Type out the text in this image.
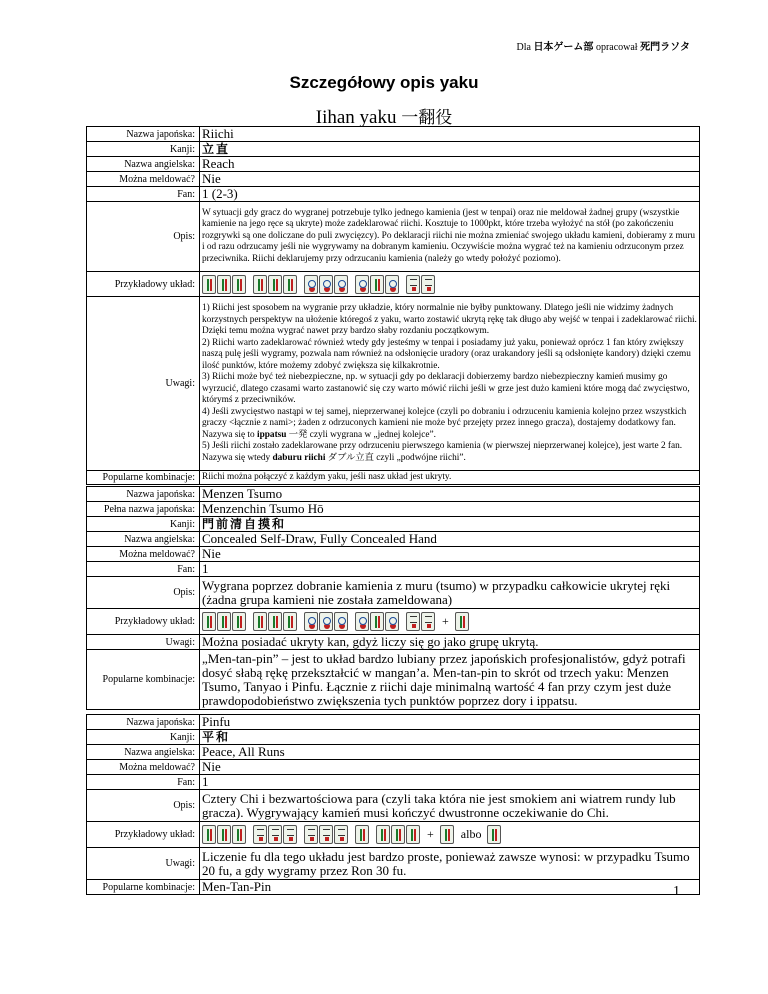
Dla 日本ゲーム部 opracował 死門ラソタ
Szczegółowy opis yaku
Iihan yaku 一翻役
Nazwa japońska:	Riichi
Kanji:	立直
Nazwa angielska:	Reach
Można meldować?	Nie
Fan:	1 (2-3)
Opis:	W sytuacji gdy gracz do wygranej potrzebuje tylko jednego kamienia (jest w tenpai) oraz nie meldował żadnej grupy (wszystkie kamienie na jego ręce są ukryte) może zadeklarować riichi. Kosztuje to 1000pkt, które trzeba wyłożyć na stół (po zakończeniu rozgrywki są one doliczane do puli zwycięzcy). Po deklaracji riichi nie można zmieniać swojego układu kamieni, dobieramy z muru i od razu odrzucamy jeśli nie wygrywamy na dobranym kamieniu. Oczywiście można wygrać też na kamieniu odrzuconym przez przeciwnika. Riichi deklarujemy przy odrzucaniu kamienia (należy go wtedy położyć poziomo).
Przykładowy układ:	

Uwagi:	1) Riichi jest sposobem na wygranie przy układzie, który normalnie nie byłby punktowany. Dlatego jeśli nie widzimy żadnych korzystnych perspektyw na ułożenie któregoś z yaku, warto zostawić ukrytą rękę tak długo aby wejść w tenpai i zadeklarować riichi. Dzięki temu można wygrać nawet przy bardzo słaby rozdaniu początkowym.
2) Riichi warto zadeklarować również wtedy gdy jesteśmy w tenpai i posiadamy już yaku, ponieważ oprócz 1 fan który zwiększy naszą pulę jeśli wygramy, pozwala nam również na odsłonięcie uradory (oraz urakandory jeśli są odsłonięte kandory) dzięki czemu ilość punktów, które możemy zdobyć zwiększa się kilkakrotnie.
3) Riichi może być też niebezpieczne, np. w sytuacji gdy po deklaracji dobierzemy bardzo niebezpieczny kamień musimy go wyrzucić, dlatego czasami warto zastanowić się czy warto mówić riichi jeśli w grze jest dużo kamieni które mogą dać zwycięstwo, którymś z przeciwników.
4) Jeśli zwycięstwo nastąpi w tej samej, nieprzerwanej kolejce (czyli po dobraniu i odrzuceniu kamienia kolejno przez wszystkich graczy <łącznie z nami>; żaden z odrzuconych kamieni nie może być przejęty przez innego gracza), dostajemy dodatkowy fan. Nazywa się to ippatsu 一発 czyli wygrana w „jednej kolejce”.
5) Jeśli riichi zostało zadeklarowane przy odrzuceniu pierwszego kamienia (w pierwszej nieprzerwanej kolejce), jest warte 2 fan. Nazywa się wtedy daburu riichi ダブル立直 czyli „podwójne riichi”.

Popularne kombinacje:	Riichi można połączyć z każdym yaku, jeśli nasz układ jest ukryty.
Nazwa japońska:	Menzen Tsumo
Pełna nazwa japońska:	Menzenchin Tsumo Hō
Kanji:	門前清自摸和
Nazwa angielska:	Concealed Self-Draw, Fully Concealed Hand
Można meldować?	Nie
Fan:	1
Opis:	Wygrana poprzez dobranie kamienia z muru (tsumo) w przypadku całkowicie ukrytej ręki (żadna grupa kamieni nie została zameldowana)
Przykładowy układ:	+

Uwagi:	Można posiadać ukryty kan, gdyż liczy się go jako grupę ukrytą.
Popularne kombinacje:	„Men-tan-pin” – jest to układ bardzo lubiany przez japońskich profesjonalistów, gdyż potrafi dosyć słabą rękę przekształcić w mangan’a. Men-tan-pin to skrót od trzech yaku: Menzen Tsumo, Tanyao i Pinfu. Łącznie z riichi daje minimalną wartość 4 fan przy czym jest duże prawdopodobieństwo zwiększenia tych punktów poprzez dory i ippatsu.
Nazwa japońska:	Pinfu
Kanji:	平和
Nazwa angielska:	Peace, All Runs
Można meldować?	Nie
Fan:	1
Opis:	Cztery Chi i bezwartościowa para (czyli taka która nie jest smokiem ani wiatrem rundy lub gracza). Wygrywający kamień musi kończyć dwustronne oczekiwanie do Chi.
Przykładowy układ:	+ albo

Uwagi:	Liczenie fu dla tego układu jest bardzo proste, ponieważ zawsze wynosi: w przypadku Tsumo 20 fu, a gdy wygramy przez Ron 30 fu.
Popularne kombinacje:	Men-Tan-Pin	1
